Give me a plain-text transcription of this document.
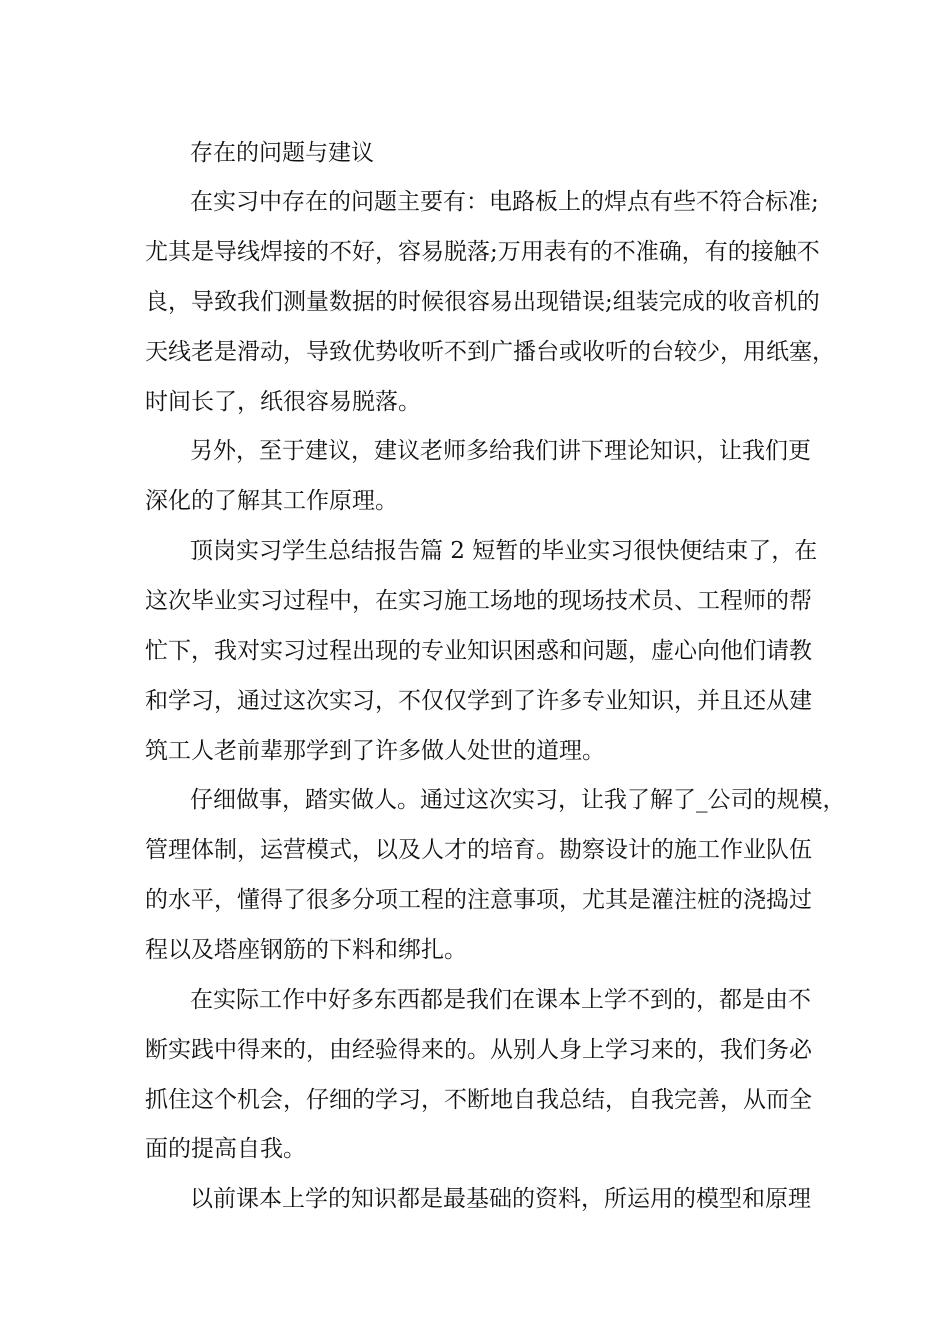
存在的问题与建议

在实习中存在的问题主要有：电路板上的焊点有些不符合标准;

尤其是导线焊接的不好，容易脱落;万用表有的不准确，有的接触不

良，导致我们测量数据的时候很容易出现错误;组装完成的收音机的

天线老是滑动，导致优势收听不到广播台或收听的台较少，用纸塞，

时间长了，纸很容易脱落。

另外，至于建议，建议老师多给我们讲下理论知识，让我们更

深化的了解其工作原理。

顶岗实习学生总结报告篇 2 短暂的毕业实习很快便结束了，在

这次毕业实习过程中，在实习施工场地的现场技术员、工程师的帮

忙下，我对实习过程出现的专业知识困惑和问题，虚心向他们请教

和学习，通过这次实习，不仅仅学到了许多专业知识，并且还从建

筑工人老前辈那学到了许多做人处世的道理。

仔细做事，踏实做人。通过这次实习，让我了解了_公司的规模，

管理体制，运营模式，以及人才的培育。勘察设计的施工作业队伍

的水平，懂得了很多分项工程的注意事项，尤其是灌注桩的浇捣过

程以及塔座钢筋的下料和绑扎。

在实际工作中好多东西都是我们在课本上学不到的，都是由不

断实践中得来的，由经验得来的。从别人身上学习来的，我们务必

抓住这个机会，仔细的学习，不断地自我总结，自我完善，从而全

面的提高自我。

以前课本上学的知识都是最基础的资料，所运用的模型和原理
